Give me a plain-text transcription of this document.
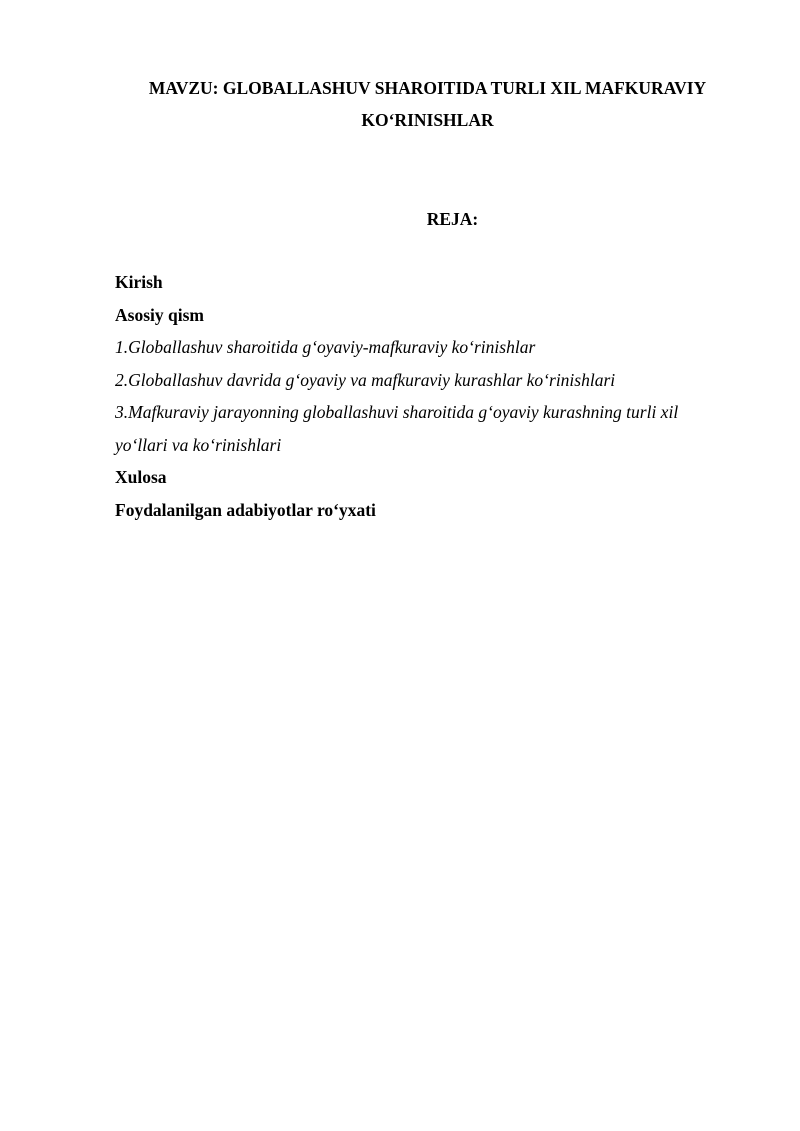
MAVZU: GLOBALLASHUV SHAROITIDA TURLI XIL MAFKURAVIY
KO‘RINISHLAR
REJA:
Kirish
Asosiy qism
1.Globallashuv sharoitida g‘oyaviy-mafkuraviy ko‘rinishlar
2.Globallashuv davrida g‘oyaviy va mafkuraviy kurashlar ko‘rinishlari
3.Mafkuraviy jarayonning globallashuvi sharoitida g‘oyaviy kurashning turli xil yo‘llari va ko‘rinishlari
Xulosa
Foydalanilgan adabiyotlar ro‘yxati
